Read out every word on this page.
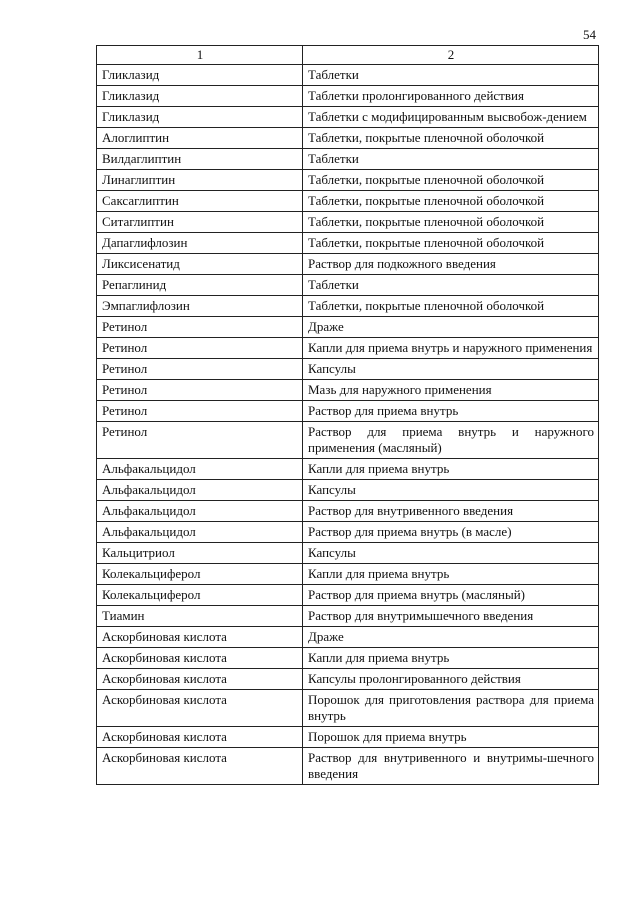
54
1	2
Гликлазид	Таблетки
Гликлазид	Таблетки пролонгированного действия
Гликлазид	Таблетки с модифицированным высвобож-дением
Алоглиптин	Таблетки, покрытые пленочной оболочкой
Вилдаглиптин	Таблетки
Линаглиптин	Таблетки, покрытые пленочной оболочкой
Саксаглиптин	Таблетки, покрытые пленочной оболочкой
Ситаглиптин	Таблетки, покрытые пленочной оболочкой
Дапаглифлозин	Таблетки, покрытые пленочной оболочкой
Ликсисенатид	Раствор для подкожного введения
Репаглинид	Таблетки
Эмпаглифлозин	Таблетки, покрытые пленочной оболочкой
Ретинол	Драже
Ретинол	Капли для приема внутрь и наружного применения
Ретинол	Капсулы
Ретинол	Мазь для наружного применения
Ретинол	Раствор для приема внутрь
Ретинол	Раствор для приема внутрь и наружного применения (масляный)
Альфакальцидол	Капли для приема внутрь
Альфакальцидол	Капсулы
Альфакальцидол	Раствор для внутривенного введения
Альфакальцидол	Раствор для приема внутрь (в масле)
Кальцитриол	Капсулы
Колекальциферол	Капли для приема внутрь
Колекальциферол	Раствор для приема внутрь (масляный)
Тиамин	Раствор для внутримышечного введения
Аскорбиновая кислота	Драже
Аскорбиновая кислота	Капли для приема внутрь
Аскорбиновая кислота	Капсулы пролонгированного действия
Аскорбиновая кислота	Порошок для приготовления раствора для приема внутрь
Аскорбиновая кислота	Порошок для приема внутрь
Аскорбиновая кислота	Раствор для внутривенного и внутримы-шечного введения
